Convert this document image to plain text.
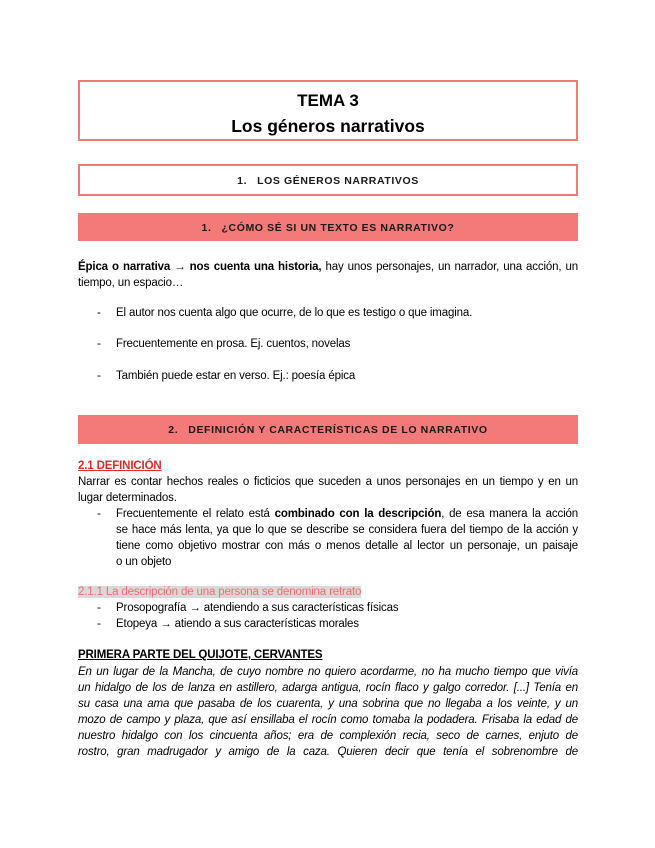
TEMA 3
Los géneros narrativos
1. LOS GÉNEROS NARRATIVOS
1. ¿CÓMO SÉ SI UN TEXTO ES NARRATIVO?
Épica o narrativa → nos cuenta una historia, hay unos personajes, un narrador, una acción, un
tiempo, un espacio…
- El autor nos cuenta algo que ocurre, de lo que es testigo o que imagina.
- Frecuentemente en prosa. Ej. cuentos, novelas
- También puede estar en verso. Ej.: poesía épica
2. DEFINICIÓN Y CARACTERÍSTICAS DE LO NARRATIVO
2.1 DEFINICIÓN
Narrar es contar hechos reales o ficticios que suceden a unos personajes en un tiempo y en un
lugar determinados.
- Frecuentemente el relato está combinado con la descripción, de esa manera la acción
se hace más lenta, ya que lo que se describe se considera fuera del tiempo de la acción y
tiene como objetivo mostrar con más o menos detalle al lector un personaje, un paisaje
o un objeto
2.1.1 La descripción de una persona se denomina retrato
- Prosopografía → atendiendo a sus características físicas
- Etopeya → atiendo a sus características morales
PRIMERA PARTE DEL QUIJOTE, CERVANTES
En un lugar de la Mancha, de cuyo nombre no quiero acordarme, no ha mucho tiempo que vivía
un hidalgo de los de lanza en astillero, adarga antigua, rocín flaco y galgo corredor. [...] Tenía en
su casa una ama que pasaba de los cuarenta, y una sobrina que no llegaba a los veinte, y un
mozo de campo y plaza, que así ensillaba el rocín como tomaba la podadera. Frisaba la edad de
nuestro hidalgo con los cincuenta años; era de complexión recia, seco de carnes, enjuto de
rostro, gran madrugador y amigo de la caza. Quieren decir que tenía el sobrenombre de
